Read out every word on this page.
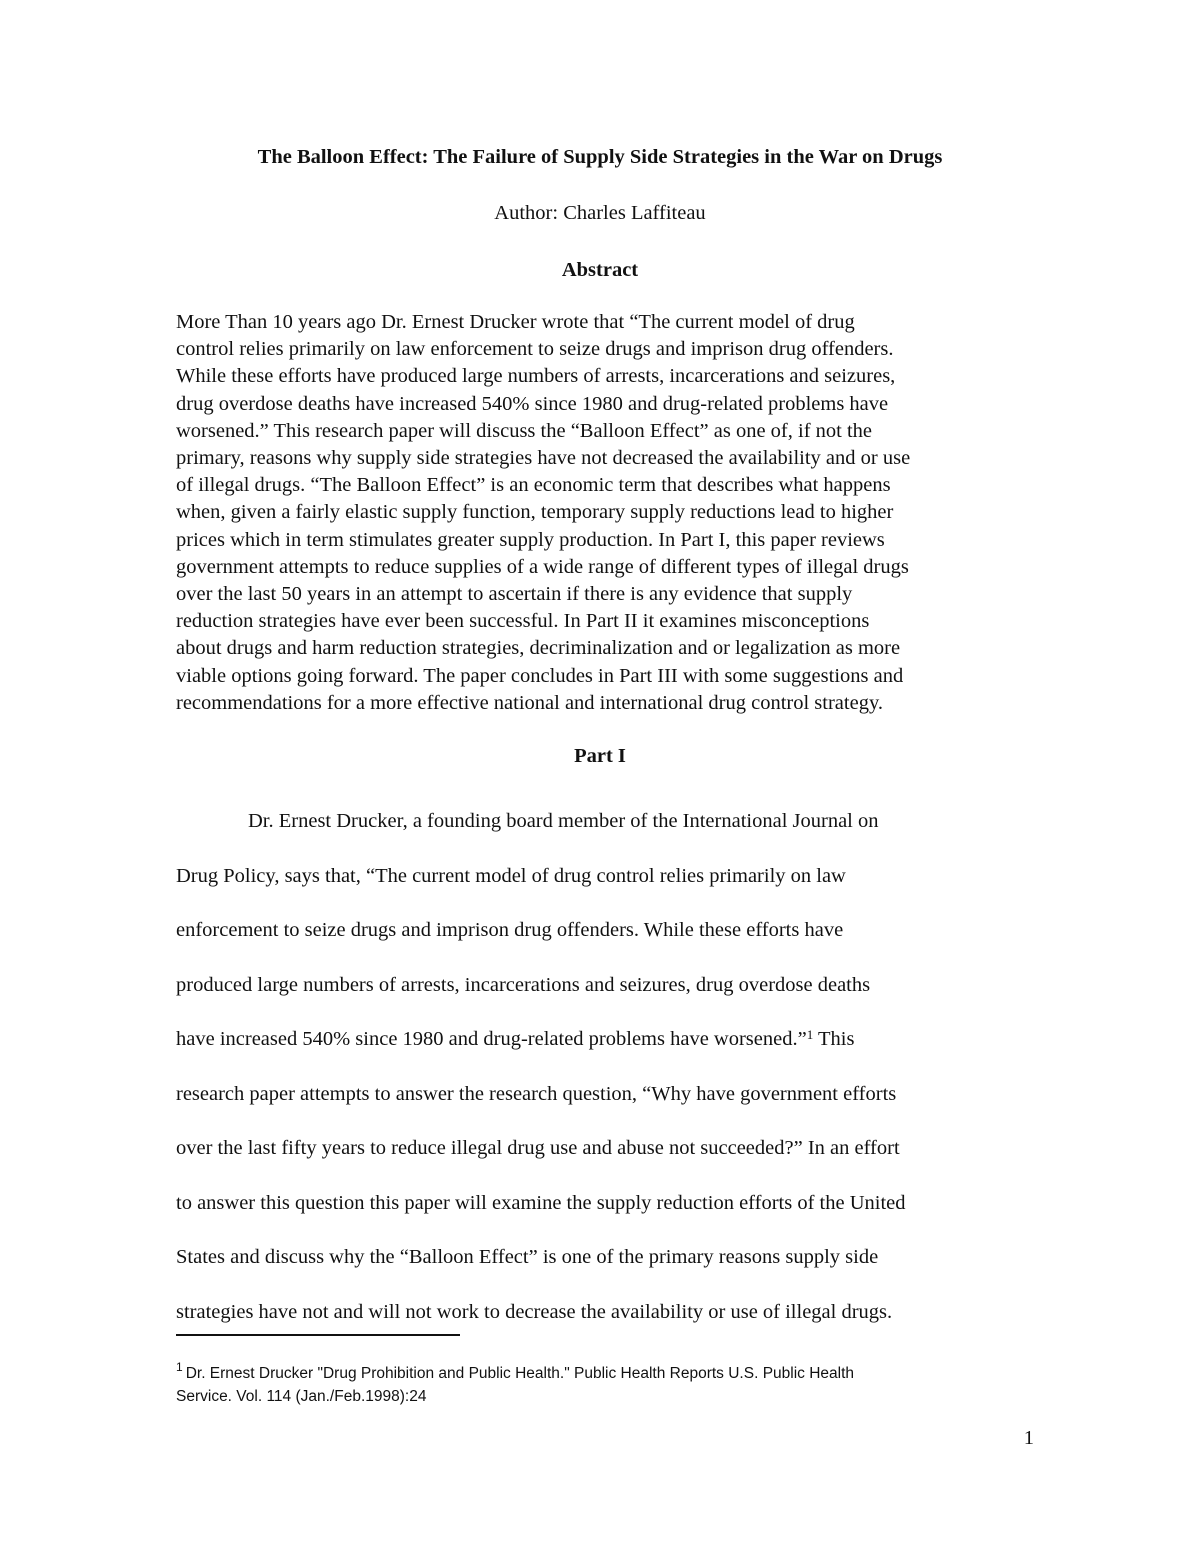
The Balloon Effect: The Failure of Supply Side Strategies in the War on Drugs
Author: Charles Laffiteau
Abstract
More Than 10 years ago Dr. Ernest Drucker wrote that “The current model of drug
control relies primarily on law enforcement to seize drugs and imprison drug offenders.
While these efforts have produced large numbers of arrests, incarcerations and seizures,
drug overdose deaths have increased 540% since 1980 and drug-related problems have
worsened.” This research paper will discuss the “Balloon Effect” as one of, if not the
primary, reasons why supply side strategies have not decreased the availability and or use
of illegal drugs. “The Balloon Effect” is an economic term that describes what happens
when, given a fairly elastic supply function, temporary supply reductions lead to higher
prices which in term stimulates greater supply production. In Part I, this paper reviews
government attempts to reduce supplies of a wide range of different types of illegal drugs
over the last 50 years in an attempt to ascertain if there is any evidence that supply
reduction strategies have ever been successful. In Part II it examines misconceptions
about drugs and harm reduction strategies, decriminalization and or legalization as more
viable options going forward. The paper concludes in Part III with some suggestions and
recommendations for a more effective national and international drug control strategy.
Part I
Dr. Ernest Drucker, a founding board member of the International Journal on
Drug Policy, says that, “The current model of drug control relies primarily on law
enforcement to seize drugs and imprison drug offenders. While these efforts have
produced large numbers of arrests, incarcerations and seizures, drug overdose deaths
have increased 540% since 1980 and drug-related problems have worsened.”$^1$ This
research paper attempts to answer the research question, “Why have government efforts
over the last fifty years to reduce illegal drug use and abuse not succeeded?” In an effort
to answer this question this paper will examine the supply reduction efforts of the United
States and discuss why the “Balloon Effect” is one of the primary reasons supply side
strategies have not and will not work to decrease the availability or use of illegal drugs.
$^1$ Dr. Ernest Drucker "Drug Prohibition and Public Health." Public Health Reports U.S. Public Health
Service. Vol. 114 (Jan./Feb.1998):24
1
